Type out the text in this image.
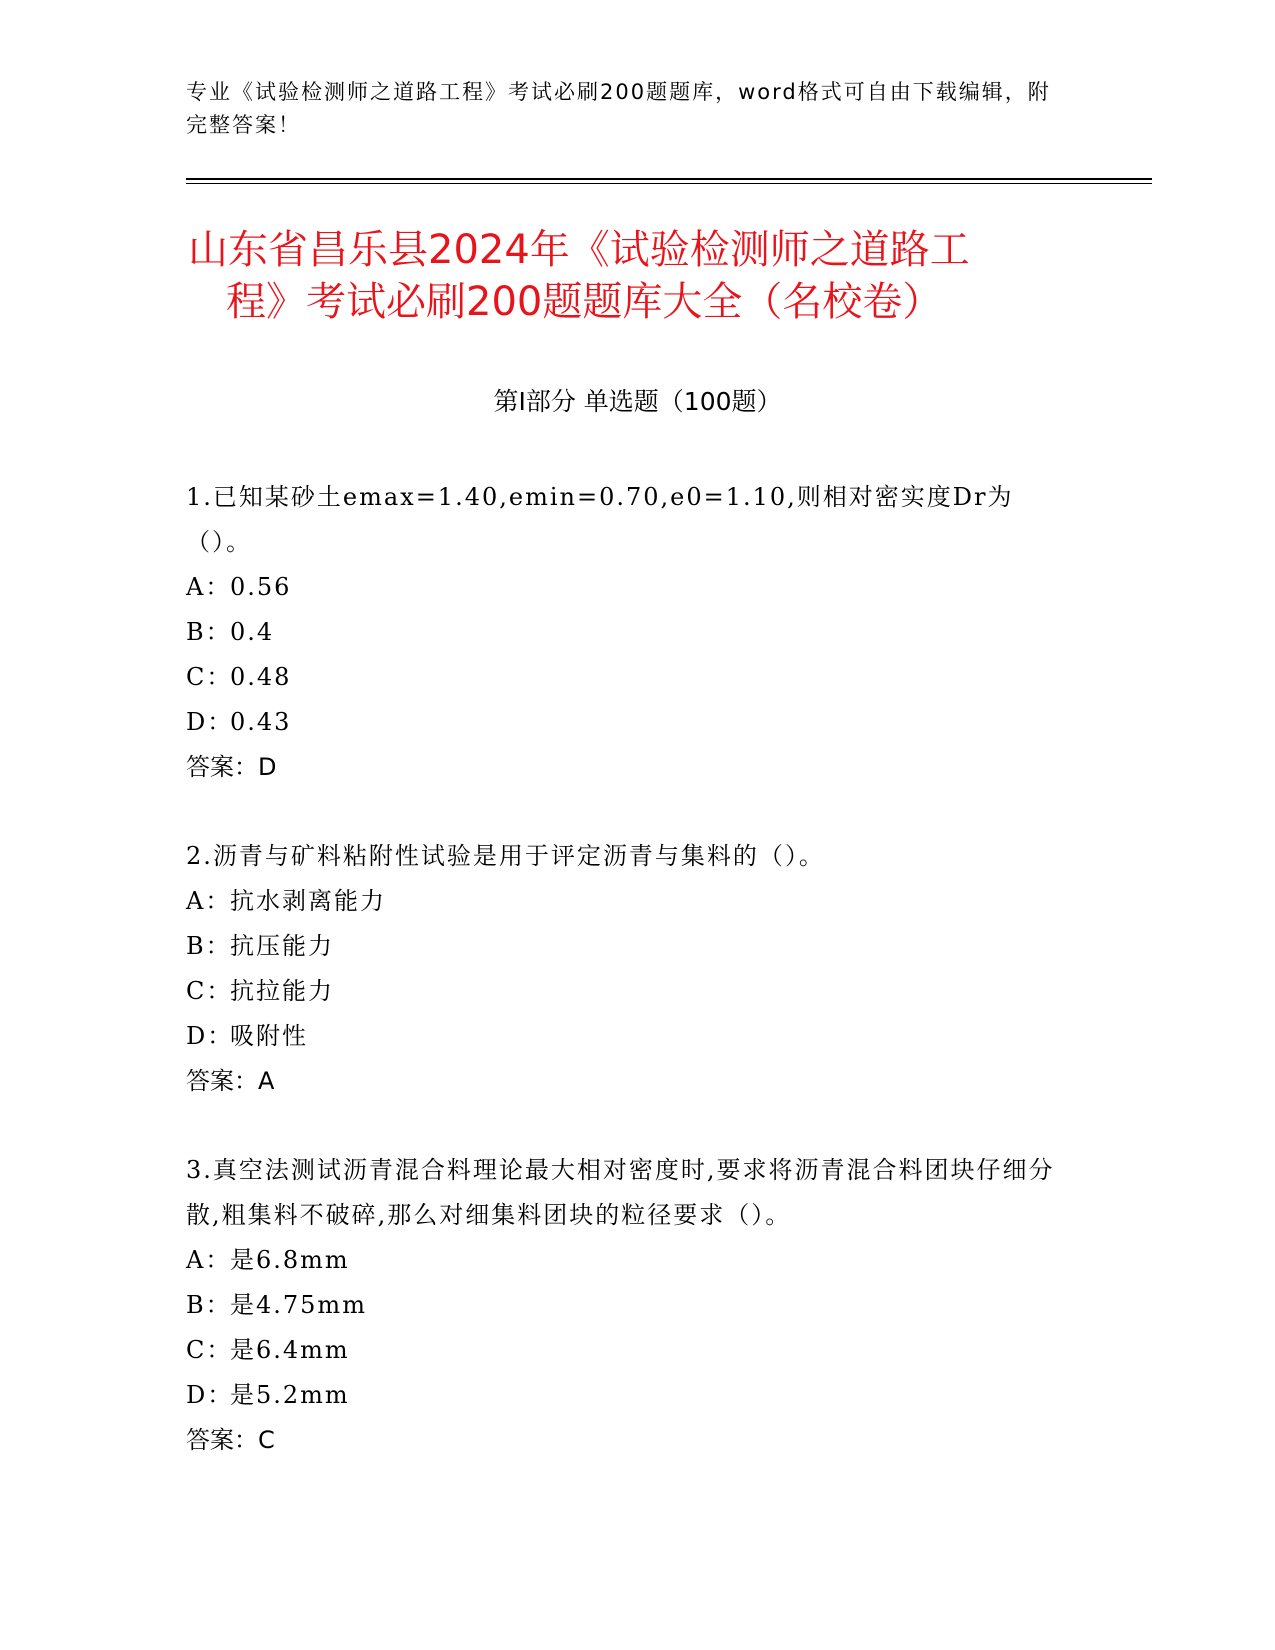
专业《试验检测师之道路工程》考试必刷200题题库，word格式可自由下载编辑，附完整答案！
山东省昌乐县2024年《试验检测师之道路工
程》考试必刷200题题库大全（名校卷）
第Ⅰ部分 单选题（100题）

1.已知某砂土emax=1.40,emin=0.70,e0=1.10,则相对密实度Dr为（）。

A：
0.56

B：
0.4

C：
0.48

D：
0.43

答案：D

2.沥青与矿料粘附性试验是用于评定沥青与集料的（）。

A：
抗水剥离能力

B：
抗压能力

C：
抗拉能力

D：
吸附性

答案：A

3.真空法测试沥青混合料理论最大相对密度时,要求将沥青混合料团块仔细分散,粗集料不破碎,那么对细集料团块的粒径要求（）。

A：
是6.8mm

B：
是4.75mm

C：
是6.4mm

D：
是5.2mm

答案：C
